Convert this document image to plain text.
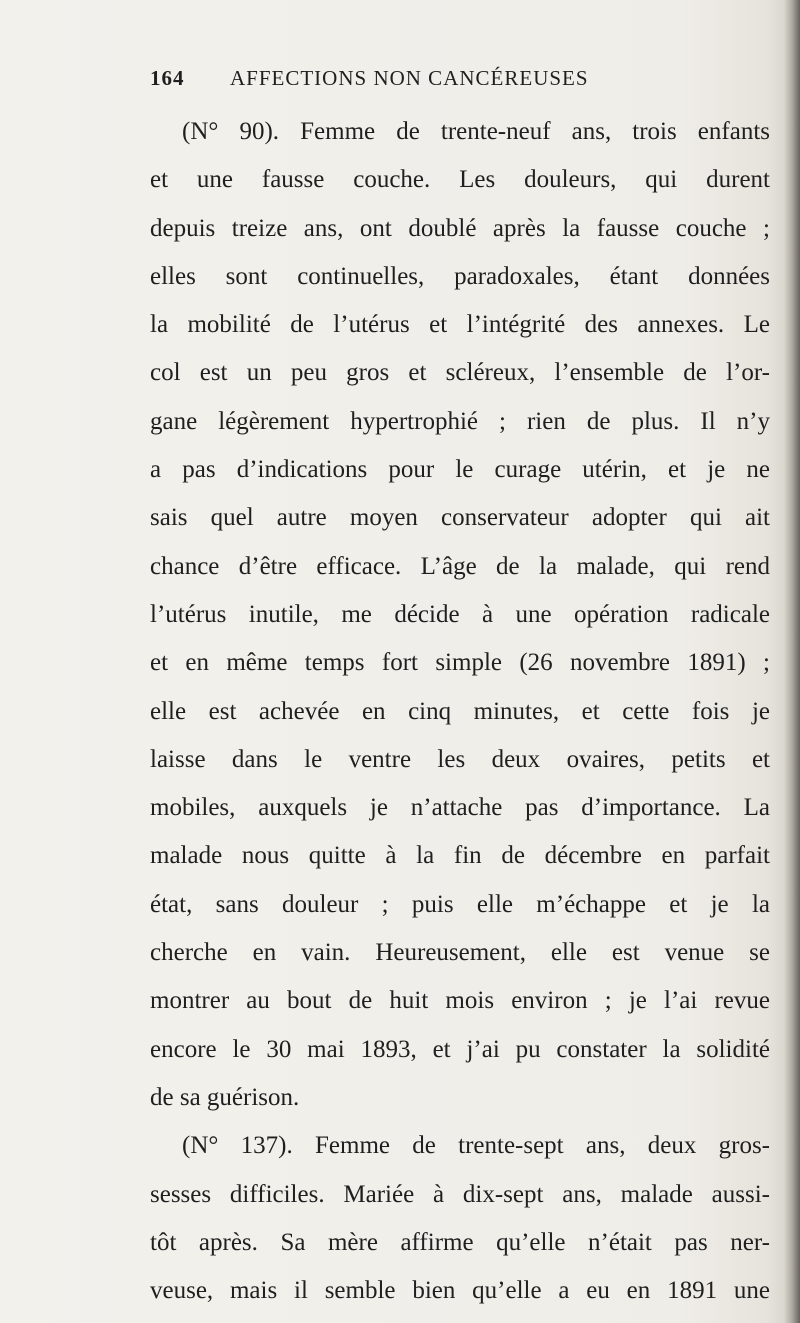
164 AFFECTIONS NON CANCÉREUSES
(N° 90). Femme de trente-neuf ans, trois enfants
et une fausse couche. Les douleurs, qui durent
depuis treize ans, ont doublé après la fausse couche ;
elles sont continuelles, paradoxales, étant données
la mobilité de l’utérus et l’intégrité des annexes. Le
col est un peu gros et scléreux, l’ensemble de l’or-
gane légèrement hypertrophié ; rien de plus. Il n’y
a pas d’indications pour le curage utérin, et je ne
sais quel autre moyen conservateur adopter qui ait
chance d’être efficace. L’âge de la malade, qui rend
l’utérus inutile, me décide à une opération radicale
et en même temps fort simple (26 novembre 1891) ;
elle est achevée en cinq minutes, et cette fois je
laisse dans le ventre les deux ovaires, petits et
mobiles, auxquels je n’attache pas d’importance. La
malade nous quitte à la fin de décembre en parfait
état, sans douleur ; puis elle m’échappe et je la
cherche en vain. Heureusement, elle est venue se
montrer au bout de huit mois environ ; je l’ai revue
encore le 30 mai 1893, et j’ai pu constater la solidité
de sa guérison.
(N° 137). Femme de trente-sept ans, deux gros-
sesses difficiles. Mariée à dix-sept ans, malade aussi-
tôt après. Sa mère affirme qu’elle n’était pas ner-
veuse, mais il semble bien qu’elle a eu en 1891 une
